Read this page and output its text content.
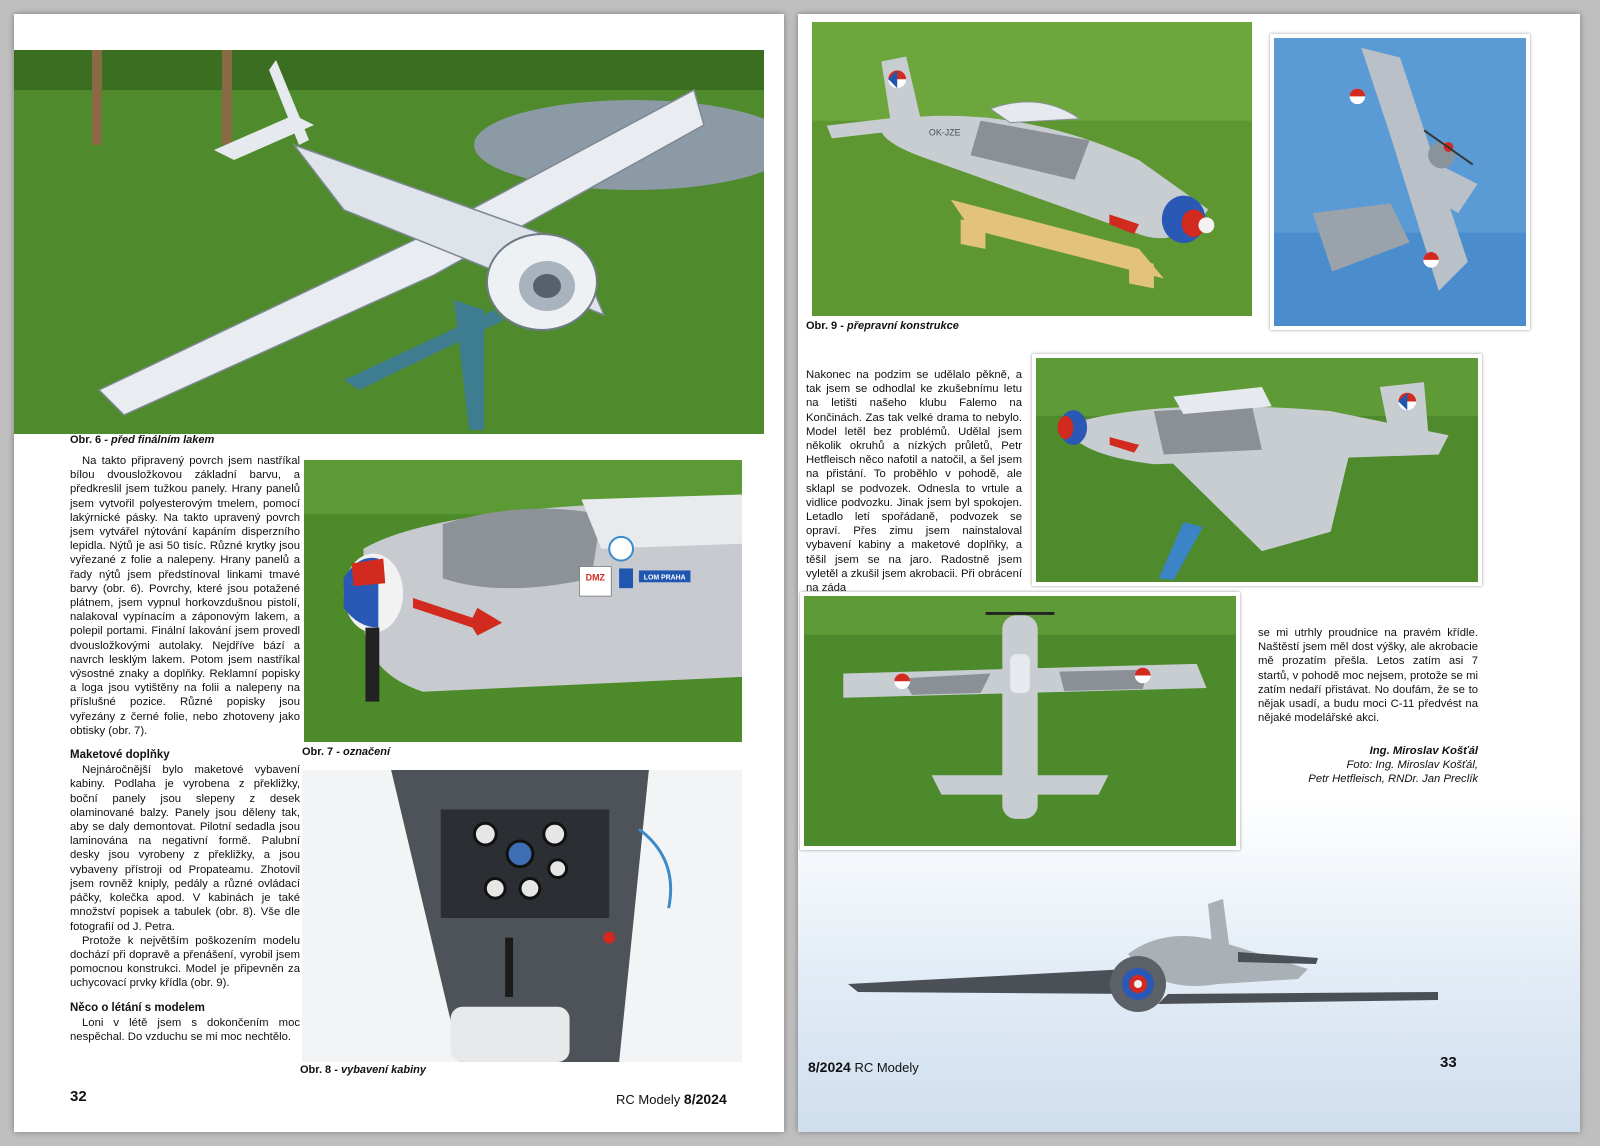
Obr. 6 - před finálním lakem

Na takto připravený povrch jsem nastříkal bílou dvousložkovou základní barvu, a předkreslil jsem tužkou panely. Hrany panelů jsem vytvořil polyesterovým tmelem, pomocí lakýrnické pásky. Na takto upravený povrch jsem vytvářel nýtování kapáním disperzního lepidla. Nýtů je asi 50 tisíc. Různé krytky jsou vyřezané z folie a nalepeny. Hrany panelů a řady nýtů jsem předstínoval linkami tmavé barvy (obr. 6). Povrchy, které jsou potažené plátnem, jsem vypnul horkovzdušnou pistolí, nalakoval vypínacím a záponovým lakem, a polepil portami. Finální lakování jsem provedl dvousložkovými autolaky. Nejdříve bází a navrch lesklým lakem. Potom jsem nastříkal výsostné znaky a doplňky. Reklamní popisky a loga jsou vytištěny na folii a nalepeny na příslušné pozice. Různé popisky jsou vyřezány z černé folie, nebo zhotoveny jako obtisky (obr. 7).

Maketové doplňky

Nejnáročnější bylo maketové vybavení kabiny. Podlaha je vyrobena z překližky, boční panely jsou slepeny z desek olaminované balzy. Panely jsou děleny tak, aby se daly demontovat. Pilotní sedadla jsou laminována na negativní formě. Palubní desky jsou vyrobeny z překližky, a jsou vybaveny přístroji od Propateamu. Zhotovil jsem rovněž kniply, pedály a různé ovládací páčky, kolečka apod. V kabinách je také množství popisek a tabulek (obr. 8). Vše dle fotografií od J. Petra.

Protože k největším poškozením modelu dochází při dopravě a přenášení, vyrobil jsem pomocnou konstrukci. Model je připevněn za uchycovací prvky křídla (obr. 9).

Něco o létání s modelem

Loni v létě jsem s dokončením moc nespěchal. Do vzduchu se mi moc nechtělo.

DMZ	LOM PRAHA
Obr. 7 - označení
Obr. 8 - vybavení kabiny
32	RC Modely 8/2024
OK-JZE
Obr. 9 - přepravní konstrukce

Nakonec na podzim se udělalo pěkně, a tak jsem se odhodlal ke zkušebnímu letu na letišti našeho klubu Falemo na Končinách. Zas tak velké drama to nebylo. Model letěl bez problémů. Udělal jsem několik okruhů a nízkých průletů, Petr Hetfleisch něco nafotil a natočil, a šel jsem na přistání. To proběhlo v pohodě, ale sklapl se podvozek. Odnesla to vrtule a vidlice podvozku. Jinak jsem byl spokojen. Letadlo letí spořádaně, podvozek se opraví. Přes zimu jsem nainstaloval vybavení kabiny a maketové doplňky, a těšil jsem se na jaro. Radostně jsem vyletěl a zkušil jsem akrobacii. Při obrácení na záda

se mi utrhly proudnice na pravém křídle. Naštěstí jsem měl dost výšky, ale akrobacie mě prozatím přešla. Letos zatím asi 7 startů, v pohodě moc nejsem, protože se mi zatím nedaří přistávat. No doufám, že se to nějak usadí, a budu moci C-11 předvést na nějaké modelářské akci.

Ing. Miroslav Košťál
Foto: Ing. Miroslav Košťál,
Petr Hetfleisch, RNDr. Jan Preclík
8/2024 RC Modely	33
